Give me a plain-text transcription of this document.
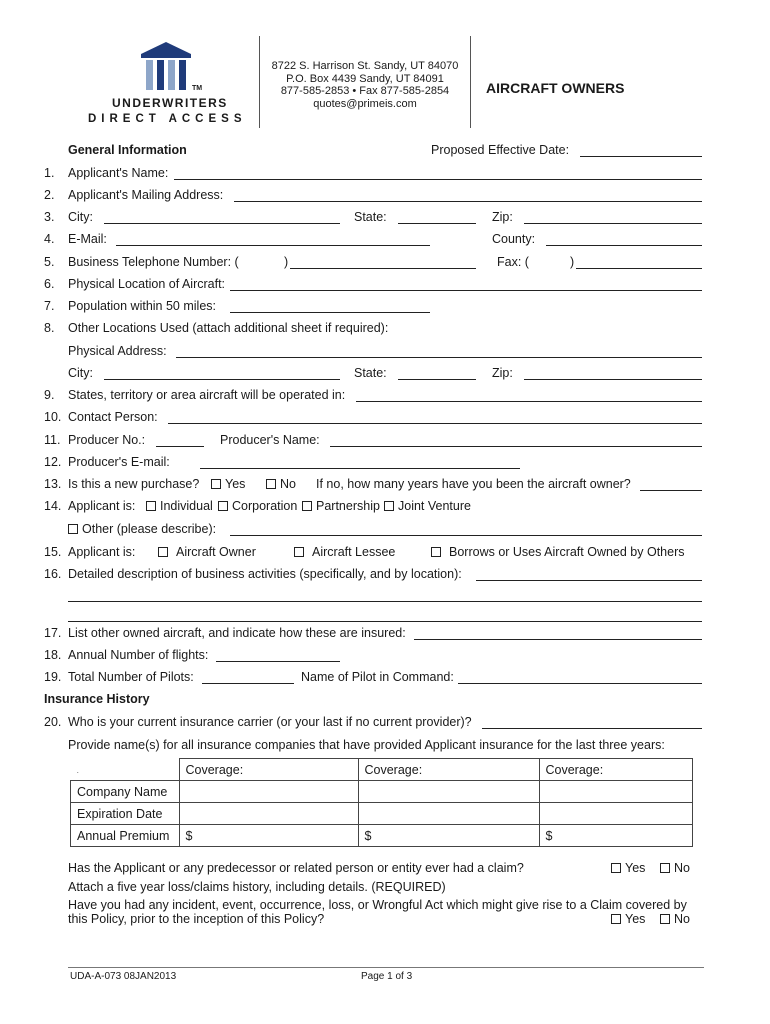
TM
UNDERWRITERS
DIRECT ACCESS
8722 S. Harrison St. Sandy, UT 84070
P.O. Box 4439 Sandy, UT 84091
877-585-2853 • Fax 877-585-2854
quotes@primeis.com
AIRCRAFT OWNERS
General Information	Proposed Effective Date:
1. Applicant's Name:
2. Applicant's Mailing Address:
3. City:	State:	Zip:
4. E-Mail:	County:
5. Business Telephone Number: (	)	Fax: (	)
6. Physical Location of Aircraft:
7. Population within 50 miles:
8. Other Locations Used (attach additional sheet if required):
Physical Address:
City:	State:	Zip:
9. States, territory or area aircraft will be operated in:
10. Contact Person:
11. Producer No.:	Producer's Name:
12. Producer's E-mail:
13. Is this a new purchase?	Yes	No If no, how many years have you been the aircraft owner?
14. Applicant is:	Individual	Corporation	Partnership	Joint Venture
Other (please describe):
15. Applicant is:	Aircraft Owner	Aircraft Lessee	Borrows or Uses Aircraft Owned by Others
16. Detailed description of business activities (specifically, and by location):
17. List other owned aircraft, and indicate how these are insured:
18. Annual Number of flights:
19. Total Number of Pilots:	Name of Pilot in Command:
Insurance History
20. Who is your current insurance carrier (or your last if no current provider)?
Provide name(s) for all insurance companies that have provided Applicant insurance for the last three years:
.	Coverage:	Coverage:	Coverage:
Company Name			
Expiration Date			
Annual Premium	$	$	$
Has the Applicant or any predecessor or related person or entity ever had a claim?	Yes	No
Attach a five year loss/claims history, including details. (REQUIRED)
Have you had any incident, event, occurrence, loss, or Wrongful Act which might give rise to a Claim covered by
this Policy, prior to the inception of this Policy?	Yes	No
UDA-A-073 08JAN2013	Page 1 of 3
